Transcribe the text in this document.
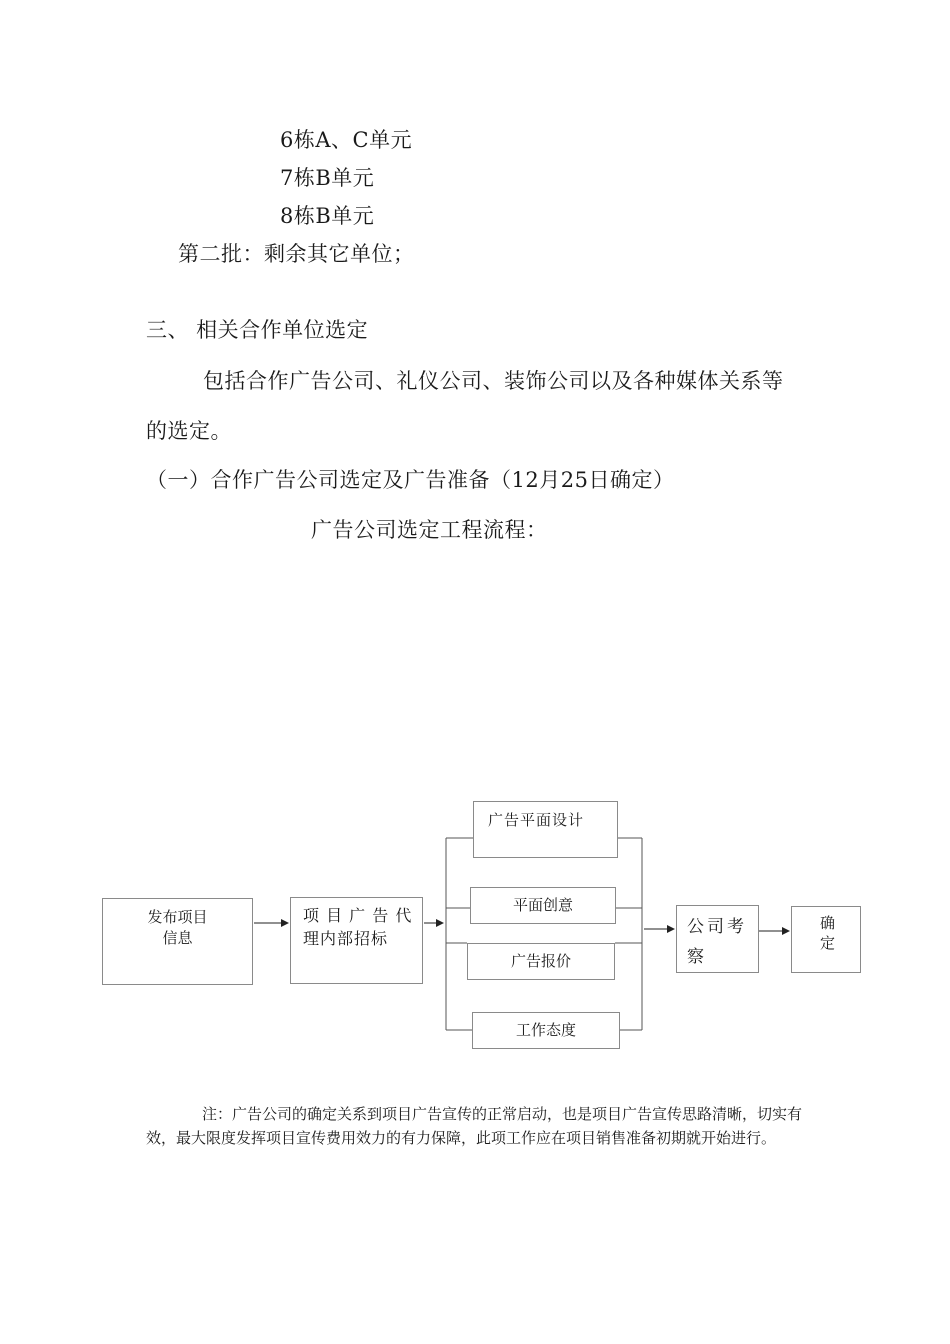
6栋A、C单元
7栋B单元
8栋B单元
第二批：剩余其它单位；
三、 相关合作单位选定
包括合作广告公司、礼仪公司、装饰公司以及各种媒体关系等
的选定。
（一）合作广告公司选定及广告准备（12月25日确定）
广告公司选定工程流程：
发布项目
信息
项 目 广 告 代
理内部招标
广告平面设计
平面创意
广告报价
工作态度
公司考
察
确
定
注：广告公司的确定关系到项目广告宣传的正常启动，也是项目广告宣传思路清晰，切实有效，最大限度发挥项目宣传费用效力的有力保障，此项工作应在项目销售准备初期就开始进行。
